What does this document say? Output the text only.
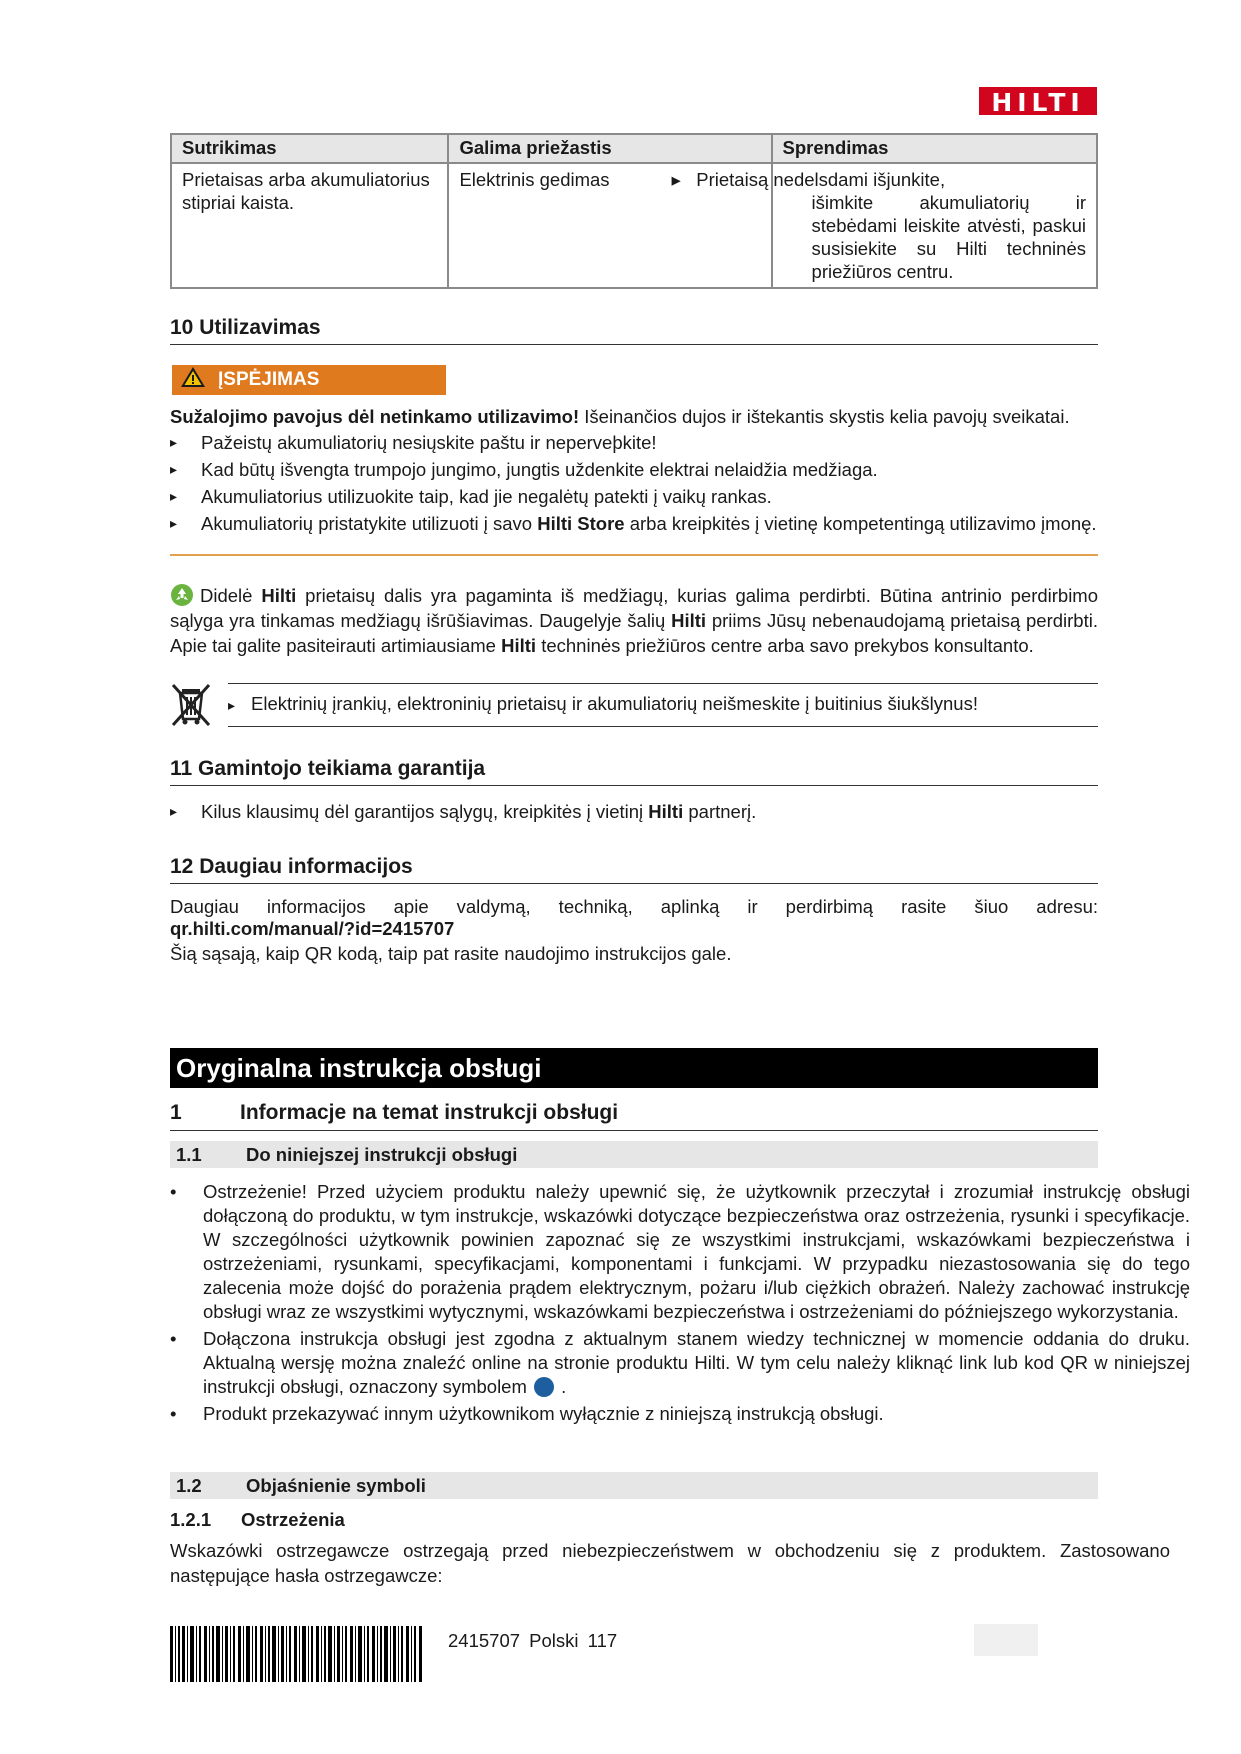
HILTI
Sutrikimas	Galima priežastis	Sprendimas
Prietaisas arba akumuliatorius stipriai kaista.	Elektrinis gedimas	▸   Prietaisą nedelsdami išjunkite,
išimkite akumuliatorių ir stebėdami leiskite atvėsti, paskui susisiekite su Hilti techninės priežiūros centru.
10 Utilizavimas
ĮSPĖJIMAS
Sužalojimo pavojus dėl netinkamo utilizavimo! Išeinančios dujos ir ištekantis skystis kelia pavojų sveikatai.
▸ Pažeistų akumuliatorių nesiųskite paštu ir neperveþkite!
▸ Kad būtų išvengta trumpojo jungimo, jungtis uždenkite elektrai nelaidžia medžiaga.
▸ Akumuliatorius utilizuokite taip, kad jie negalėtų patekti į vaikų rankas.
▸ Akumuliatorių pristatykite utilizuoti į savo Hilti Store arba kreipkitės į vietinę kompetentingą utilizavimo įmonę.
Didelė Hilti prietaisų dalis yra pagaminta iš medžiagų, kurias galima perdirbti. Būtina antrinio perdirbimo sąlyga yra tinkamas medžiagų išrūšiavimas. Daugelyje šalių Hilti priims Jūsų nebenaudojamą prietaisą perdirbti. Apie tai galite pasiteirauti artimiausiame Hilti techninės priežiūros centre arba savo prekybos konsultanto.
▸ Elektrinių įrankių, elektroninių prietaisų ir akumuliatorių neišmeskite į buitinius šiukšlynus!
11 Gamintojo teikiama garantija
▸ Kilus klausimų dėl garantijos sąlygų, kreipkitės į vietinį Hilti partnerį.
12 Daugiau informacijos
Daugiau informacijos apie valdymą, techniką, aplinką ir perdirbimą rasite šiuo adresu:
qr.hilti.com/manual/?id=2415707
Šią sąsają, kaip QR kodą, taip pat rasite naudojimo instrukcijos gale.
Oryginalna instrukcja obsługi
1	Informacje na temat instrukcji obsługi
1.1 Do niniejszej instrukcji obsługi
• Ostrzeżenie! Przed użyciem produktu należy upewnić się, że użytkownik przeczytał i zrozumiał instrukcję obsługi dołączoną do produktu, w tym instrukcje, wskazówki dotyczące bezpieczeństwa oraz ostrzeżenia, rysunki i specyfikacje. W szczególności użytkownik powinien zapoznać się ze wszystkimi instrukcjami, wskazówkami bezpieczeństwa i ostrzeżeniami, rysunkami, specyfikacjami, komponentami i funkcjami. W przypadku niezastosowania się do tego zalecenia może dojść do porażenia prądem elektrycznym, pożaru i/lub ciężkich obrażeń. Należy zachować instrukcję obsługi wraz ze wszystkimi wytycznymi, wskazówkami bezpieczeństwa i ostrzeżeniami do późniejszego wykorzystania.
• Dołączona instrukcja obsługi jest zgodna z aktualnym stanem wiedzy technicznej w momencie oddania do druku. Aktualną wersję można znaleźć online na stronie produktu Hilti. W tym celu należy kliknąć link lub kod QR w niniejszej instrukcji obsługi, oznaczony symbolem  .
• Produkt przekazywać innym użytkownikom wyłącznie z niniejszą instrukcją obsługi.
1.2 Objaśnienie symboli
1.2.1 Ostrzeżenia
Wskazówki ostrzegawcze ostrzegają przed niebezpieczeństwem w obchodzeniu się z produktem. Zastosowano następujące hasła ostrzegawcze:
2415707 Polski 117
